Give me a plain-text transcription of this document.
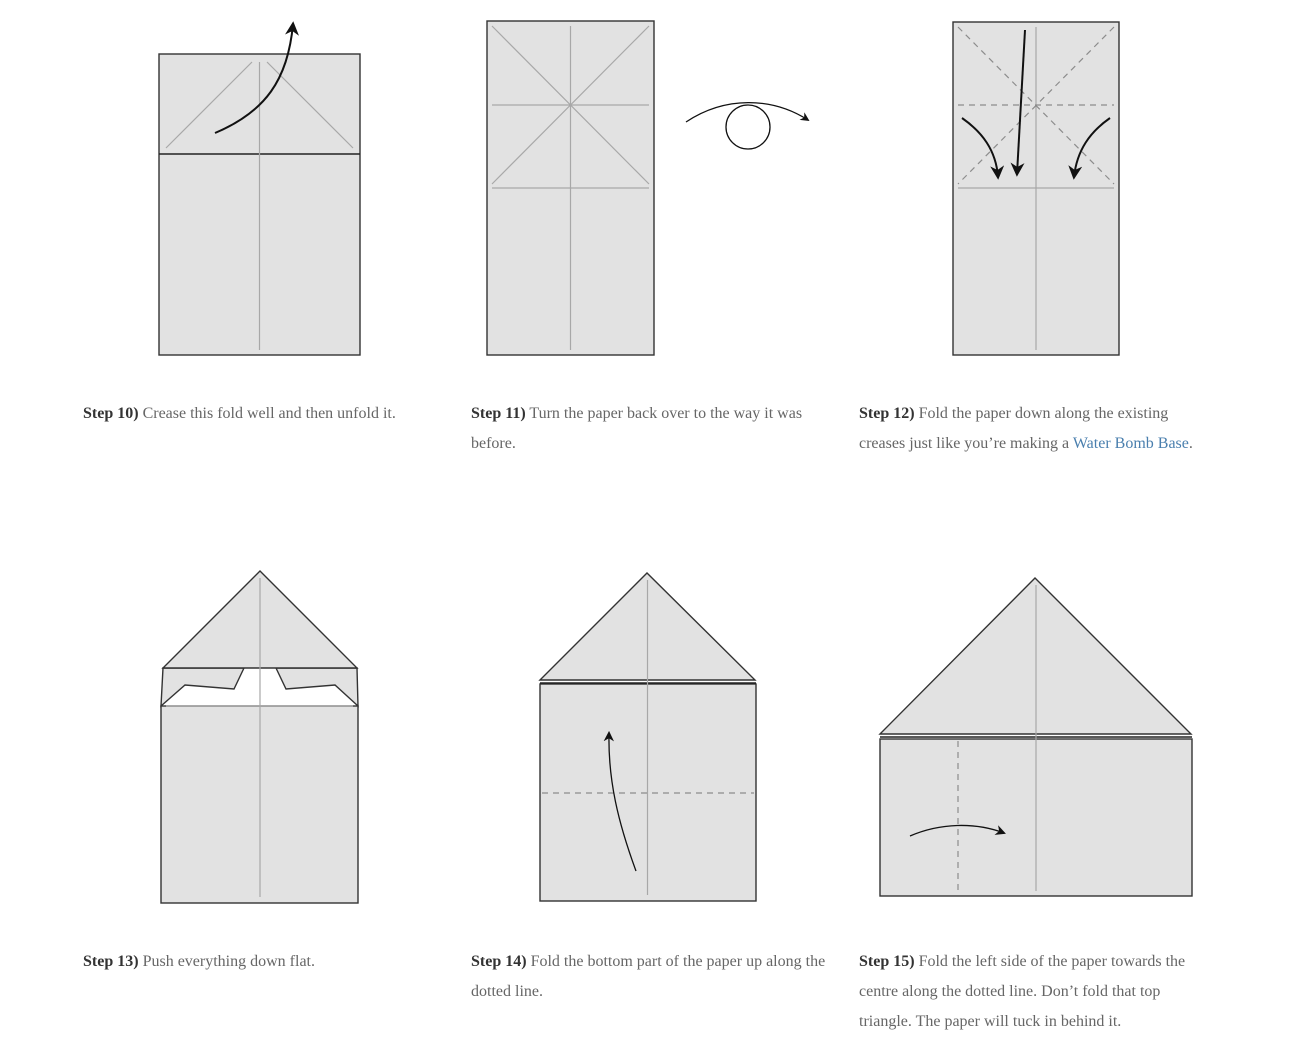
Step 10) Crease this fold well and then unfold it.	Step 11) Turn the paper back over to the way it was before.
Step 12) Fold the paper down along the existing creases just like you’re making a Water Bomb Base.
Step 13) Push everything down flat.	Step 14) Fold the bottom part of the paper up along the dotted line.
Step 15) Fold the left side of the paper towards the centre along the dotted line. Don’t fold that top triangle. The paper will tuck in behind it.
